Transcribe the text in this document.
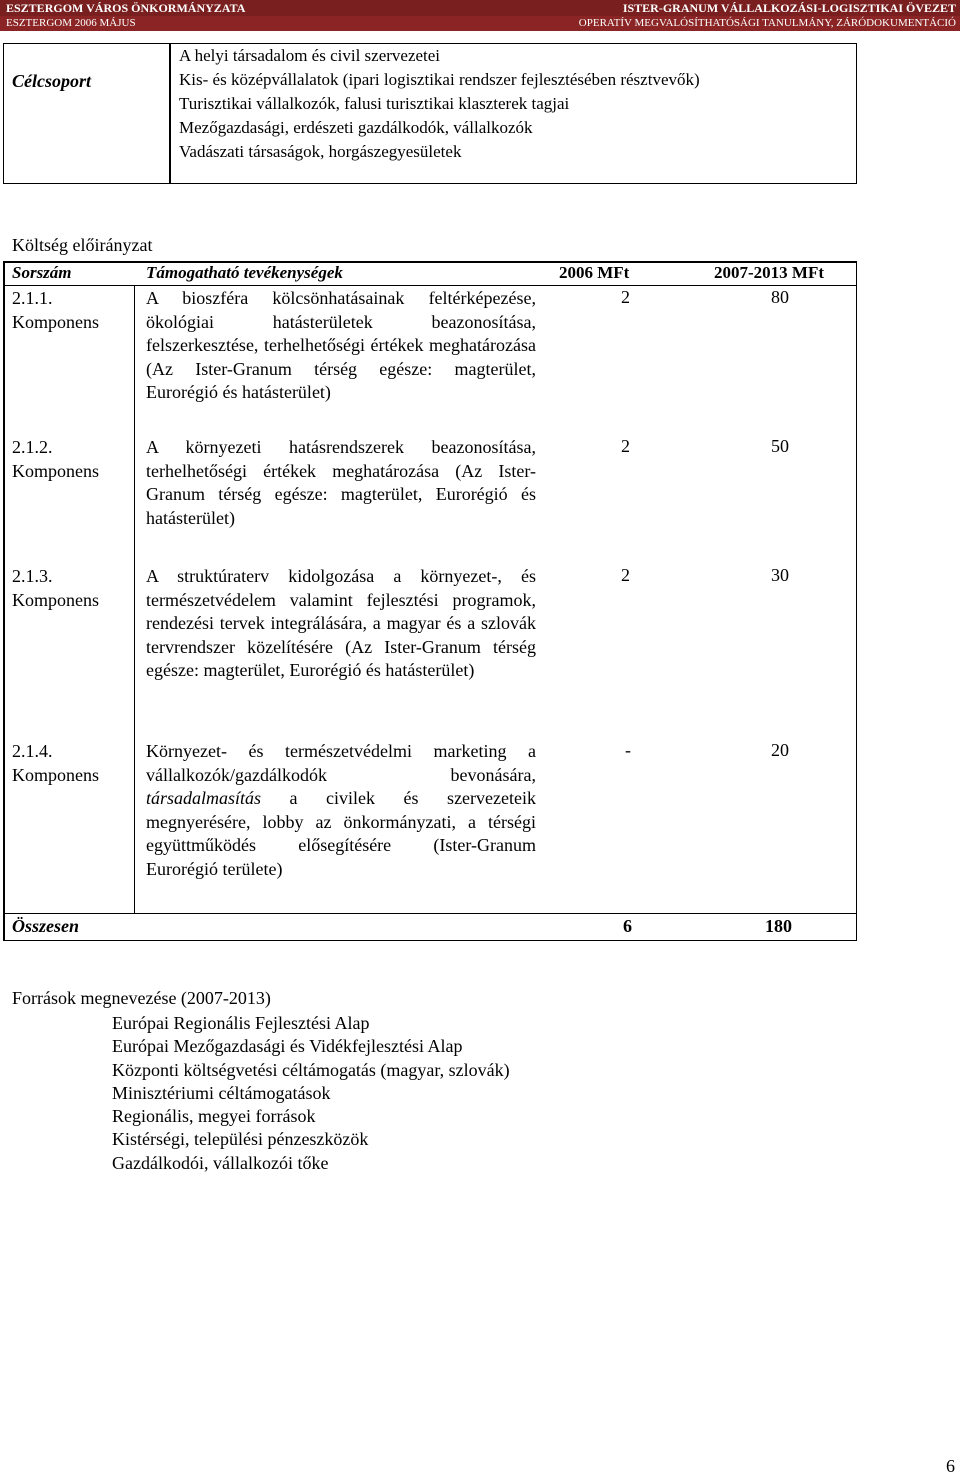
ESZTERGOM VÁROS ÖNKORMÁNYZATA	ISTER-GRANUM VÁLLALKOZÁSI-LOGISZTIKAI ÖVEZET
ESZTERGOM 2006 MÁJUS	OPERATÍV MEGVALÓSÍTHATÓSÁGI TANULMÁNY, ZÁRÓDOKUMENTÁCIÓ
Célcsoport
A helyi társadalom és civil szervezetei
Kis- és középvállalatok (ipari logisztikai rendszer fejlesztésében résztvevők)
Turisztikai vállalkozók, falusi turisztikai klaszterek tagjai
Mezőgazdasági, erdészeti gazdálkodók, vállalkozók
Vadászati társaságok, horgászegyesületek
Költség előirányzat
Sorszám	Támogatható tevékenységek	2006 MFt	2007-2013 MFt
2.1.1.
Komponens
A bioszféra kölcsönhatásainak feltérképezése, ökológiai hatásterületek beazonosítása, felszerkesztése, terhelhetőségi értékek meghatározása (Az Ister-Granum térség egésze: magterület, Eurorégió és hatásterület)
2	80
2.1.2.
Komponens
A környezeti hatásrendszerek beazonosítása, terhelhetőségi értékek meghatározása (Az Ister-Granum térség egésze: magterület, Eurorégió és hatásterület)
2	50
2.1.3.
Komponens
A struktúraterv kidolgozása a környezet-, és természetvédelem valamint fejlesztési programok, rendezési tervek integrálására, a magyar és a szlovák tervrendszer közelítésére (Az Ister-Granum térség egésze: magterület, Eurorégió és hatásterület)
2	30
2.1.4.
Komponens
Környezet- és természetvédelmi marketing a vállalkozók/gazdálkodók bevonására, társadalmasítás a civilek és szervezeteik megnyerésére, lobby az önkormányzati, a térségi együttműködés elősegítésére (Ister-Granum Eurorégió területe)
-	20
Összesen	6	180
Források megnevezése (2007-2013)
Európai Regionális Fejlesztési Alap
Európai Mezőgazdasági és Vidékfejlesztési Alap
Központi költségvetési céltámogatás (magyar, szlovák)
Minisztériumi céltámogatások
Regionális, megyei források
Kistérségi, települési pénzeszközök
Gazdálkodói, vállalkozói tőke
6
